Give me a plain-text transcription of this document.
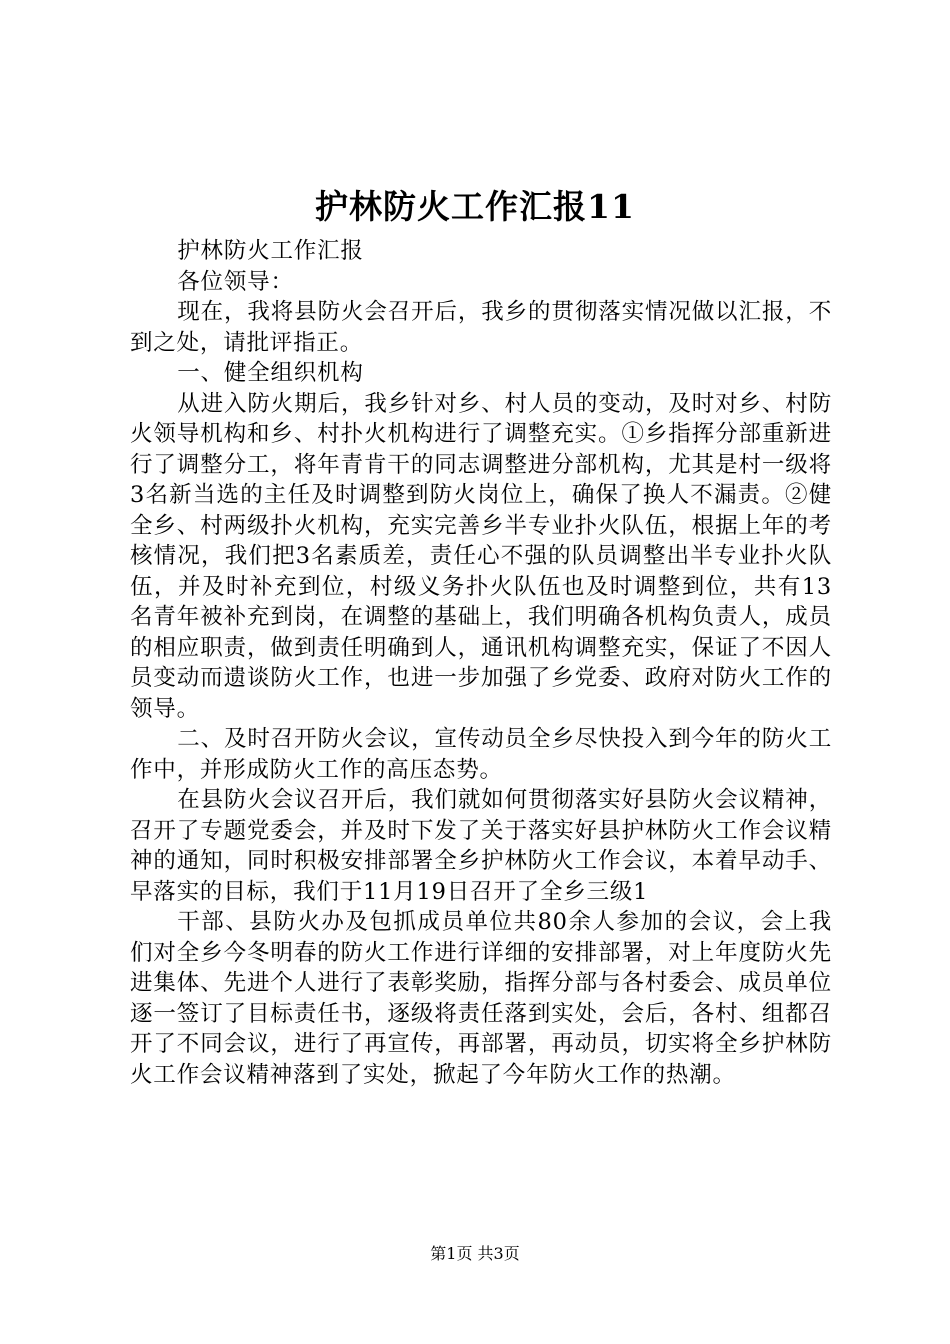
护林防火工作汇报11

护林防火工作汇报

各位领导：

现在，我将县防火会召开后，我乡的贯彻落实情况做以汇报，不到之处，请批评指正。

一、健全组织机构

从进入防火期后，我乡针对乡、村人员的变动，及时对乡、村防火领导机构和乡、村扑火机构进行了调整充实。①乡指挥分部重新进行了调整分工，将年青肯干的同志调整进分部机构，尤其是村一级将3名新当选的主任及时调整到防火岗位上，确保了换人不漏责。②健全乡、村两级扑火机构，充实完善乡半专业扑火队伍，根据上年的考核情况，我们把3名素质差，责任心不强的队员调整出半专业扑火队伍，并及时补充到位，村级义务扑火队伍也及时调整到位，共有13名青年被补充到岗，在调整的基础上，我们明确各机构负责人，成员的相应职责，做到责任明确到人，通讯机构调整充实，保证了不因人员变动而遗谈防火工作，也进一步加强了乡党委、政府对防火工作的领导。

二、及时召开防火会议，宣传动员全乡尽快投入到今年的防火工作中，并形成防火工作的高压态势。

在县防火会议召开后，我们就如何贯彻落实好县防火会议精神，召开了专题党委会，并及时下发了关于落实好县护林防火工作会议精神的通知，同时积极安排部署全乡护林防火工作会议，本着早动手、早落实的目标，我们于11月19日召开了全乡三级1

干部、县防火办及包抓成员单位共80余人参加的会议，会上我们对全乡今冬明春的防火工作进行详细的安排部署，对上年度防火先进集体、先进个人进行了表彰奖励，指挥分部与各村委会、成员单位逐一签订了目标责任书，逐级将责任落到实处，会后，各村、组都召开了不同会议，进行了再宣传，再部署，再动员，切实将全乡护林防火工作会议精神落到了实处，掀起了今年防火工作的热潮。

第1页 共3页
